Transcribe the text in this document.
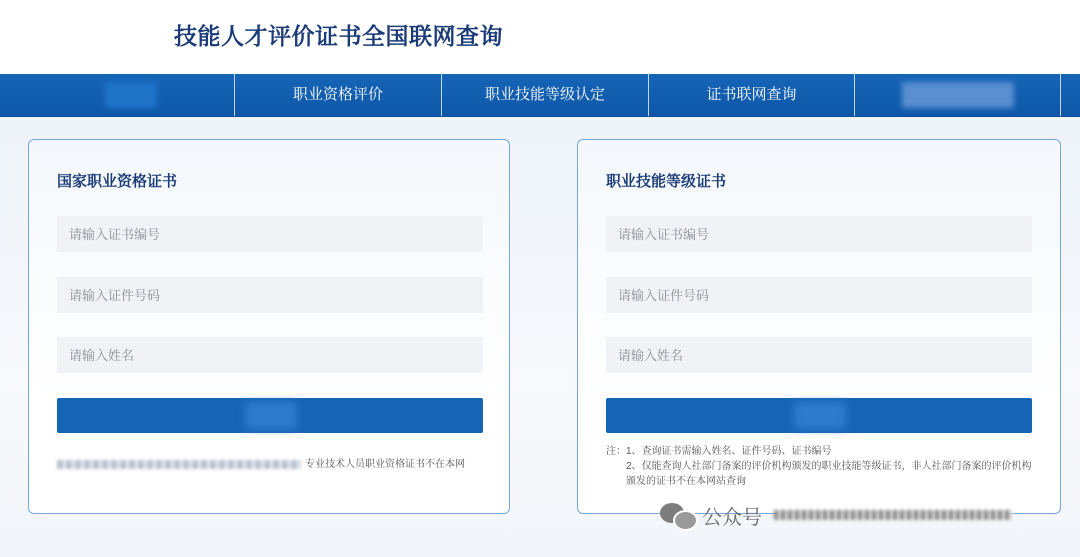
技能人才评价证书全国联网查询
职业资格评价	职业技能等级认定	证书联网查询
国家职业资格证书
请输入证书编号
请输入证件号码
请输入姓名
专业技术人员职业资格证书不在本网
职业技能等级证书
请输入证书编号
请输入证件号码
请输入姓名
注： 1、查询证书需输入姓名、证件号码、证书编号
2、仅能查询人社部门备案的评价机构颁发的职业技能等级证书，非人社部门备案的评价机构颁发的证书不在本网站查询
公众号
